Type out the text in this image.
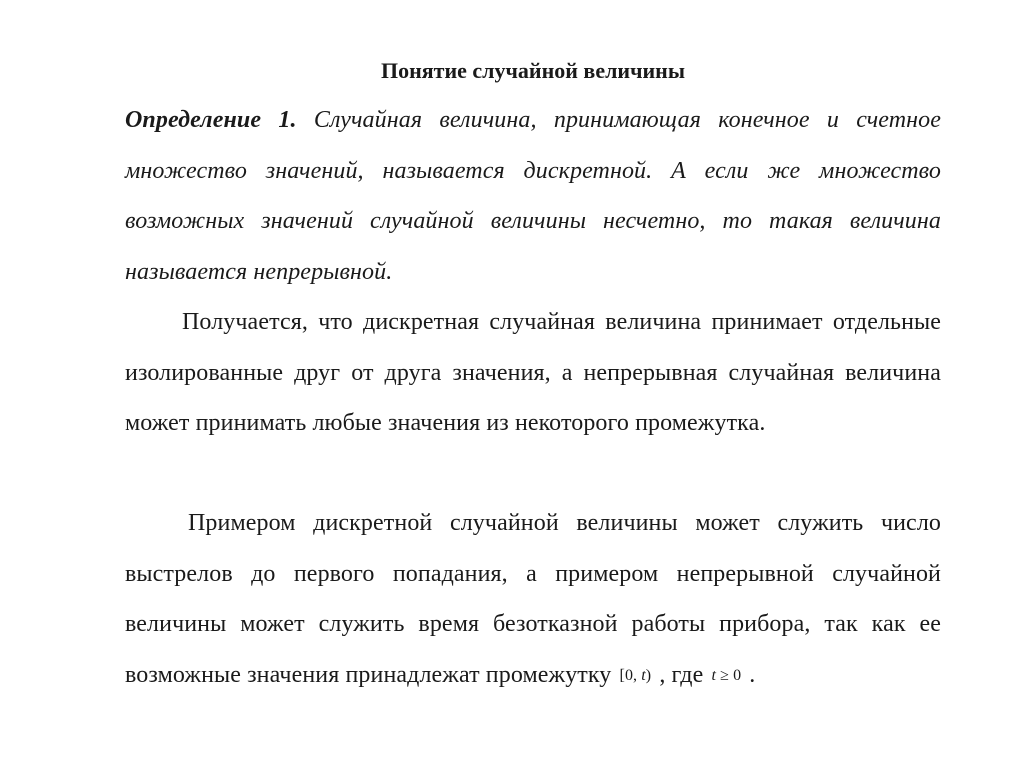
Понятие случайной величины
Определение 1. Случайная величина, принимающая конечное и счетное множество значений, называется дискретной. А если же множество возможных значений случайной величины несчетно, то такая величина называется непрерывной.
Получается, что дискретная случайная величина принимает отдельные изолированные друг от друга значения, а непрерывная случайная величина может принимать любые значения из некоторого промежутка.
Примером дискретной случайной величины может служить число выстрелов до первого попадания, а примером непрерывной случайной величины может служить время безотказной работы прибора, так как ее возможные значения принадлежат промежутку [0, t) , где t ≥ 0 .
